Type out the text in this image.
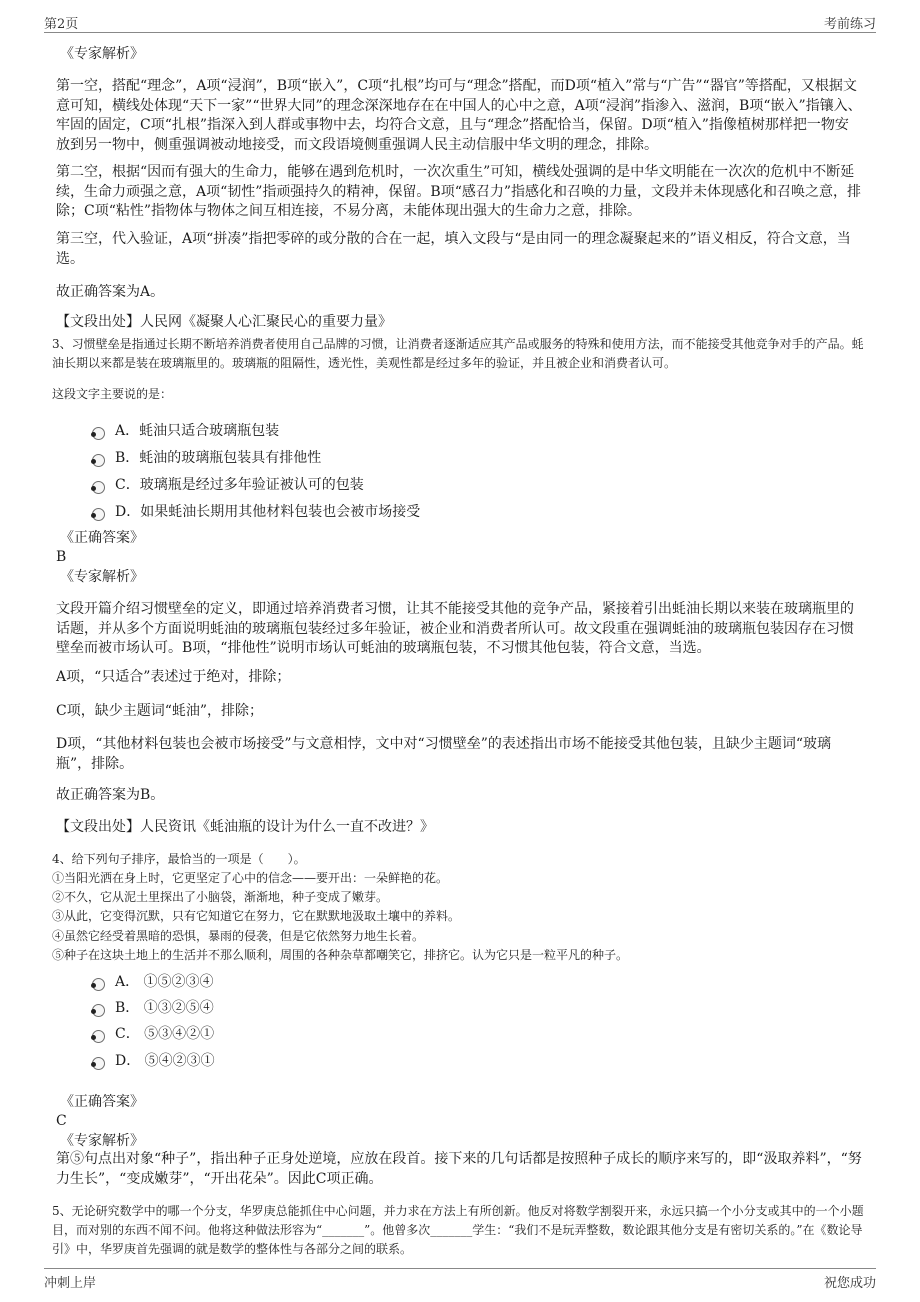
第2页	考前练习

《专家解析》

第一空，搭配“理念”，A项“浸润”，B项“嵌入”，C项“扎根”均可与“理念”搭配，而D项“植入”常与“广告”“器官”等搭配，又根据文意可知，横线处体现“天下一家”“世界大同”的理念深深地存在在中国人的心中之意，A项“浸润”指渗入、滋润，B项“嵌入”指镶入、牢固的固定，C项“扎根”指深入到人群或事物中去，均符合文意，且与“理念”搭配恰当，保留。D项“植入”指像植树那样把一物安放到另一物中，侧重强调被动地接受，而文段语境侧重强调人民主动信服中华文明的理念，排除。

第二空，根据“因而有强大的生命力，能够在遇到危机时，一次次重生”可知，横线处强调的是中华文明能在一次次的危机中不断延续，生命力顽强之意，A项“韧性”指顽强持久的精神，保留。B项“感召力”指感化和召唤的力量，文段并未体现感化和召唤之意，排除；C项“粘性”指物体与物体之间互相连接，不易分离，未能体现出强大的生命力之意，排除。

第三空，代入验证，A项“拼凑”指把零碎的或分散的合在一起，填入文段与“是由同一的理念凝聚起来的”语义相反，符合文意，当选。

故正确答案为A。

【文段出处】人民网《凝聚人心汇聚民心的重要力量》

3、习惯壁垒是指通过长期不断培养消费者使用自己品牌的习惯，让消费者逐渐适应其产品或服务的特殊和使用方法，而不能接受其他竞争对手的产品。蚝油长期以来都是装在玻璃瓶里的。玻璃瓶的阻隔性，透光性，美观性都是经过多年的验证，并且被企业和消费者认可。

这段文字主要说的是：

A．蚝油只适合玻璃瓶包装
B．蚝油的玻璃瓶包装具有排他性
C．玻璃瓶是经过多年验证被认可的包装
D．如果蚝油长期用其他材料包装也会被市场接受

《正确答案》

B

《专家解析》

文段开篇介绍习惯壁垒的定义，即通过培养消费者习惯，让其不能接受其他的竞争产品，紧接着引出蚝油长期以来装在玻璃瓶里的话题，并从多个方面说明蚝油的玻璃瓶包装经过多年验证，被企业和消费者所认可。故文段重在强调蚝油的玻璃瓶包装因存在习惯壁垒而被市场认可。B项，“排他性”说明市场认可蚝油的玻璃瓶包装，不习惯其他包装，符合文意，当选。

A项，“只适合”表述过于绝对，排除；

C项，缺少主题词“蚝油”，排除；

D项，“其他材料包装也会被市场接受”与文意相悖，文中对“习惯壁垒”的表述指出市场不能接受其他包装，且缺少主题词“玻璃瓶”，排除。

故正确答案为B。

【文段出处】人民资讯《蚝油瓶的设计为什么一直不改进？》

4、给下列句子排序，最恰当的一项是（　　）。

①当阳光洒在身上时，它更坚定了心中的信念——要开出：一朵鲜艳的花。

②不久，它从泥土里探出了小脑袋，渐渐地，种子变成了嫩芽。

③从此，它变得沉默，只有它知道它在努力，它在默默地汲取土壤中的养料。

④虽然它经受着黑暗的恐惧，暴雨的侵袭，但是它依然努力地生长着。

⑤种子在这块土地上的生活并不那么顺利，周围的各种杂草都嘲笑它，排挤它。认为它只是一粒平凡的种子。

A． ①⑤②③④
B． ①③②⑤④
C． ⑤③④②①
D． ⑤④②③①

《正确答案》

C

《专家解析》

第⑤句点出对象“种子”，指出种子正身处逆境，应放在段首。接下来的几句话都是按照种子成长的顺序来写的，即“汲取养料”，“努力生长”，“变成嫩芽”，“开出花朵”。因此C项正确。

5、无论研究数学中的哪一个分支，华罗庚总能抓住中心问题，并力求在方法上有所创新。他反对将数学割裂开来，永远只搞一个小分支或其中的一个小题目，而对别的东西不闻不问。他将这种做法形容为“_______”。他曾多次_______学生：“我们不是玩弄整数，数论跟其他分支是有密切关系的。”在《数论导引》中，华罗庚首先强调的就是数学的整体性与各部分之间的联系。

冲刺上岸	祝您成功
